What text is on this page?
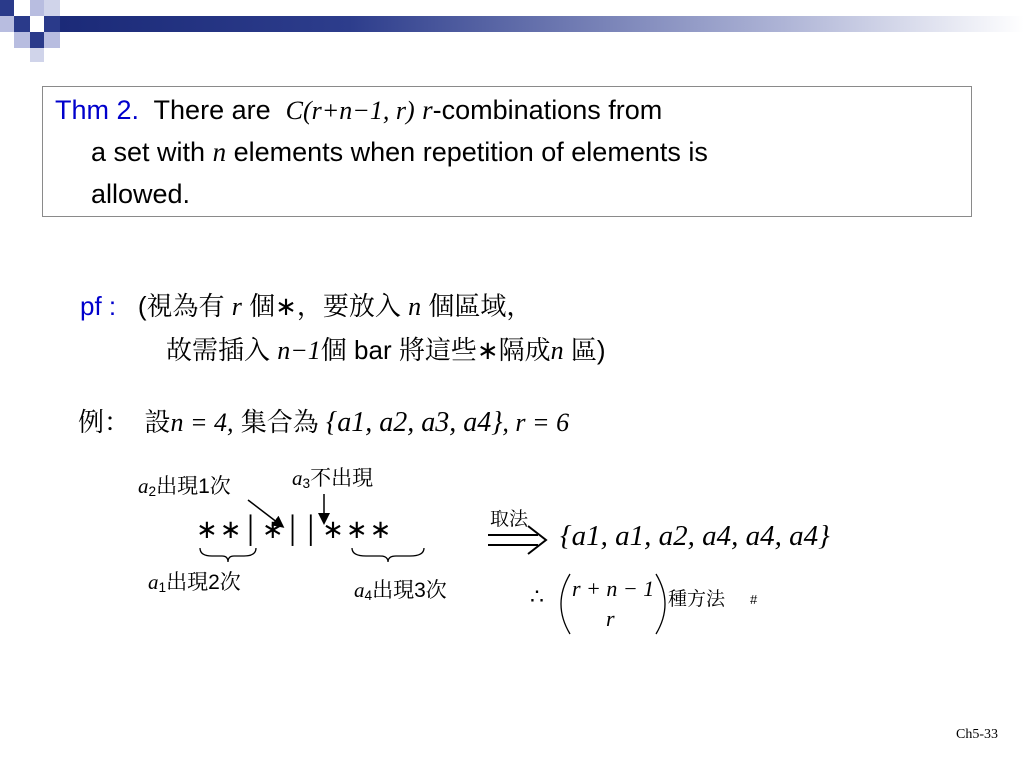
Thm 2. There are C(r+n−1, r) r-combinations from
a set with n elements when repetition of elements is
allowed.
pf : (視為有 r 個∗，要放入 n 個區域，
故需插入 n−1個 bar 將這些∗隔成n 區)
例： 設n = 4, 集合為 {a1, a2, a3, a4}, r = 6
$a_2$出現1次	$a_3$不出現
∗∗│∗││∗∗∗
$a_1$出現2次	$a_4$出現3次
取法
{a1, a1, a2, a4, a4, a4}
∴ r + n − 1
r
種方法 #
Ch5-33
